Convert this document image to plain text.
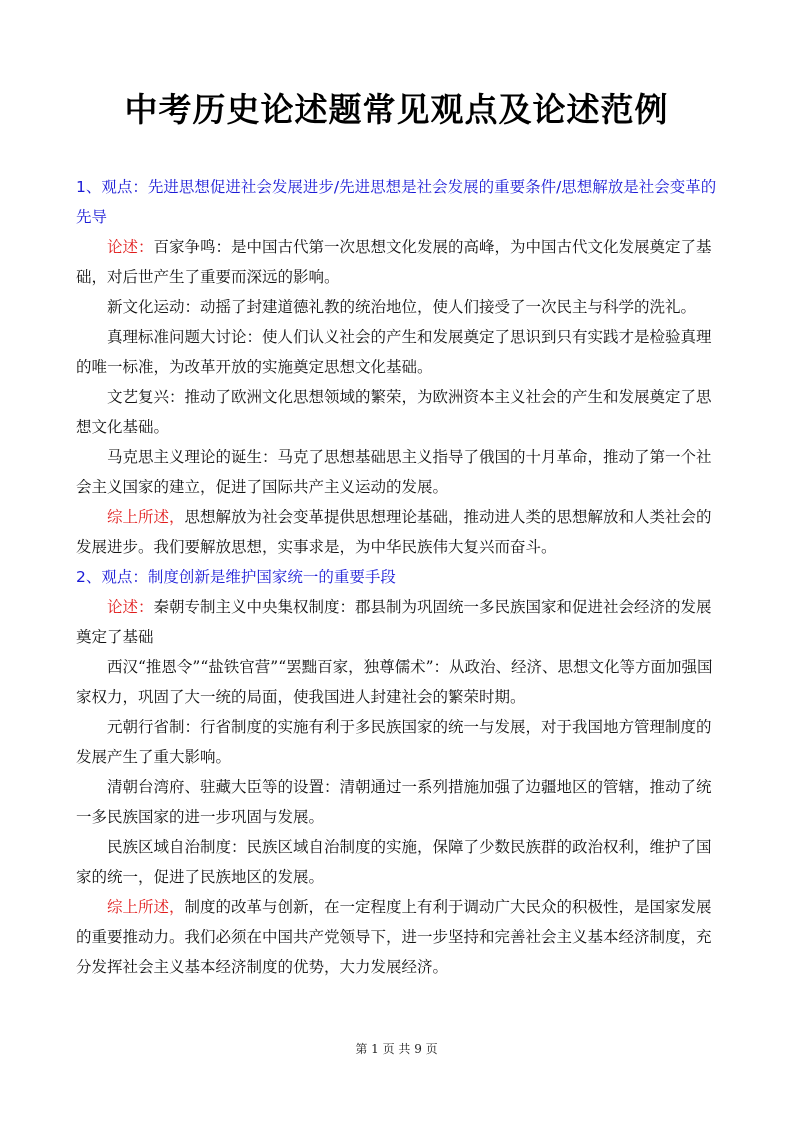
中考历史论述题常见观点及论述范例
1、观点：先进思想促进社会发展进步/先进思想是社会发展的重要条件/思想解放是社会变革的先导
论述：百家争鸣：是中国古代第一次思想文化发展的高峰，为中国古代文化发展奠定了基础，对后世产生了重要而深远的影响。
新文化运动：动摇了封建道德礼教的统治地位，使人们接受了一次民主与科学的洗礼。
真理标准问题大讨论：使人们认义社会的产生和发展奠定了思识到只有实践才是检验真理的唯一标准，为改革开放的实施奠定思想文化基础。
文艺复兴：推动了欧洲文化思想领域的繁荣，为欧洲资本主义社会的产生和发展奠定了思想文化基础。
马克思主义理论的诞生：马克了思想基础思主义指导了俄国的十月革命，推动了第一个社会主义国家的建立，促进了国际共产主义运动的发展。
综上所述，思想解放为社会变革提供思想理论基础，推动进人类的思想解放和人类社会的发展进步。我们要解放思想，实事求是，为中华民族伟大复兴而奋斗。
2、观点：制度创新是维护国家统一的重要手段
论述：秦朝专制主义中央集权制度：郡县制为巩固统一多民族国家和促进社会经济的发展奠定了基础
西汉“推恩令”“盐铁官营”“罢黜百家，独尊儒术”：从政治、经济、思想文化等方面加强国家权力，巩固了大一统的局面，使我国进人封建社会的繁荣时期。
元朝行省制：行省制度的实施有利于多民族国家的统一与发展，对于我国地方管理制度的发展产生了重大影响。
清朝台湾府、驻藏大臣等的设置：清朝通过一系列措施加强了边疆地区的管辖，推动了统一多民族国家的进一步巩固与发展。
民族区域自治制度：民族区域自治制度的实施，保障了少数民族群的政治权利，维护了国家的统一，促进了民族地区的发展。
综上所述，制度的改革与创新，在一定程度上有利于调动广大民众的积极性，是国家发展的重要推动力。我们必须在中国共产党领导下，进一步坚持和完善社会主义基本经济制度，充分发挥社会主义基本经济制度的优势，大力发展经济。
第 1 页 共 9 页
